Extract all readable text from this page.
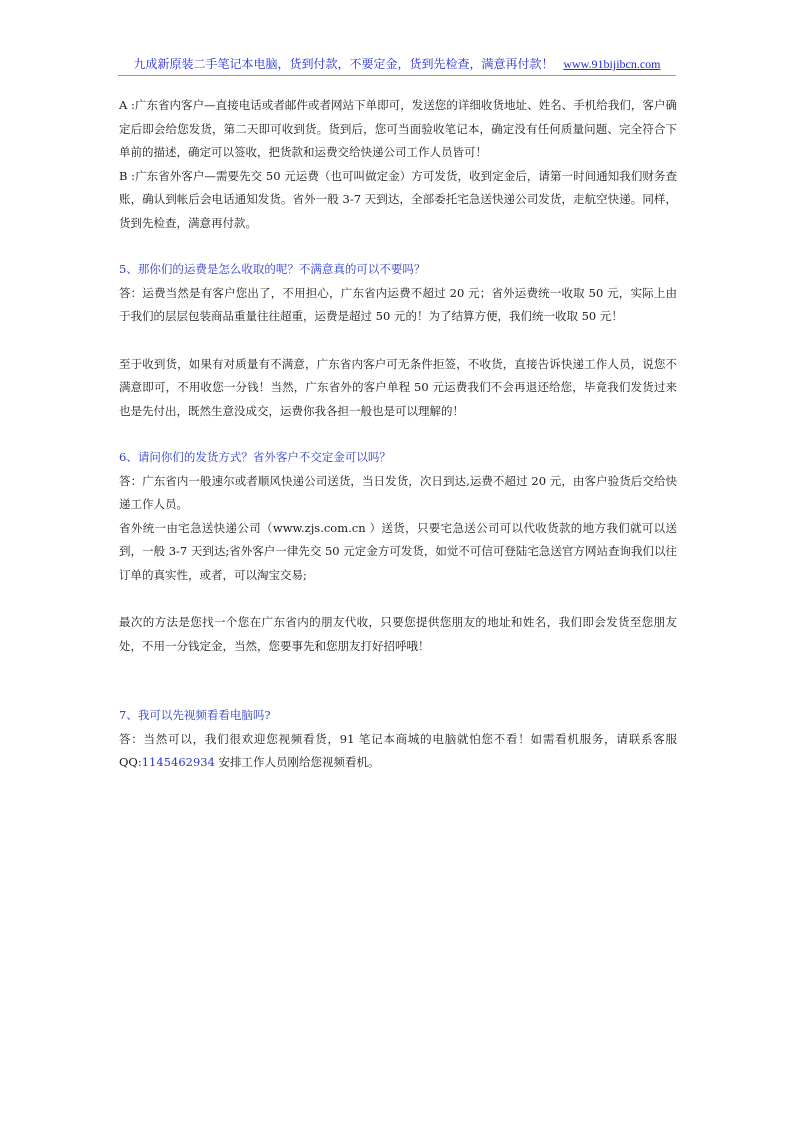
九成新原装二手笔记本电脑，货到付款，不要定金，货到先检查，满意再付款！ www.91bijibcn.com

A :广东省内客户—直接电话或者邮件或者网站下单即可，发送您的详细收货地址、姓名、手机给我们，客户确定后即会给您发货，第二天即可收到货。货到后，您可当面验收笔记本，确定没有任何质量问题、完全符合下单前的描述，确定可以签收，把货款和运费交给快递公司工作人员皆可！

B :广东省外客户—需要先交 50 元运费（也可叫做定金）方可发货，收到定金后，请第一时间通知我们财务查账，确认到帐后会电话通知发货。省外一般 3-7 天到达，全部委托宅急送快递公司发货，走航空快递。同样，货到先检查，满意再付款。

5、那你们的运费是怎么收取的呢？不满意真的可以不要吗？

答：运费当然是有客户您出了，不用担心，广东省内运费不超过 20 元；省外运费统一收取 50 元，实际上由于我们的层层包装商品重量往往超重，运费是超过 50 元的！为了结算方便，我们统一收取 50 元！

至于收到货，如果有对质量有不满意，广东省内客户可无条件拒签，不收货，直接告诉快递工作人员，说您不满意即可，不用收您一分钱！当然，广东省外的客户单程 50 元运费我们不会再退还给您，毕竟我们发货过来也是先付出，既然生意没成交，运费你我各担一般也是可以理解的！

6、请问你们的发货方式？省外客户不交定金可以吗？

答：广东省内一般速尔或者顺风快递公司送货，当日发货，次日到达,运费不超过 20 元，由客户验货后交给快递工作人员。

省外统一由宅急送快递公司（www.zjs.com.cn ）送货，只要宅急送公司可以代收货款的地方我们就可以送到，一般 3-7 天到达;省外客户一律先交 50 元定金方可发货，如觉不可信可登陆宅急送官方网站查询我们以往订单的真实性，或者，可以淘宝交易;

最次的方法是您找一个您在广东省内的朋友代收，只要您提供您朋友的地址和姓名，我们即会发货至您朋友处，不用一分钱定金，当然，您要事先和您朋友打好招呼哦！

7、我可以先视频看看电脑吗?

答：当然可以，我们很欢迎您视频看货，91 笔记本商城的电脑就怕您不看！如需看机服务，请联系客服 QQ:1145462934 安排工作人员刚给您视频看机。
